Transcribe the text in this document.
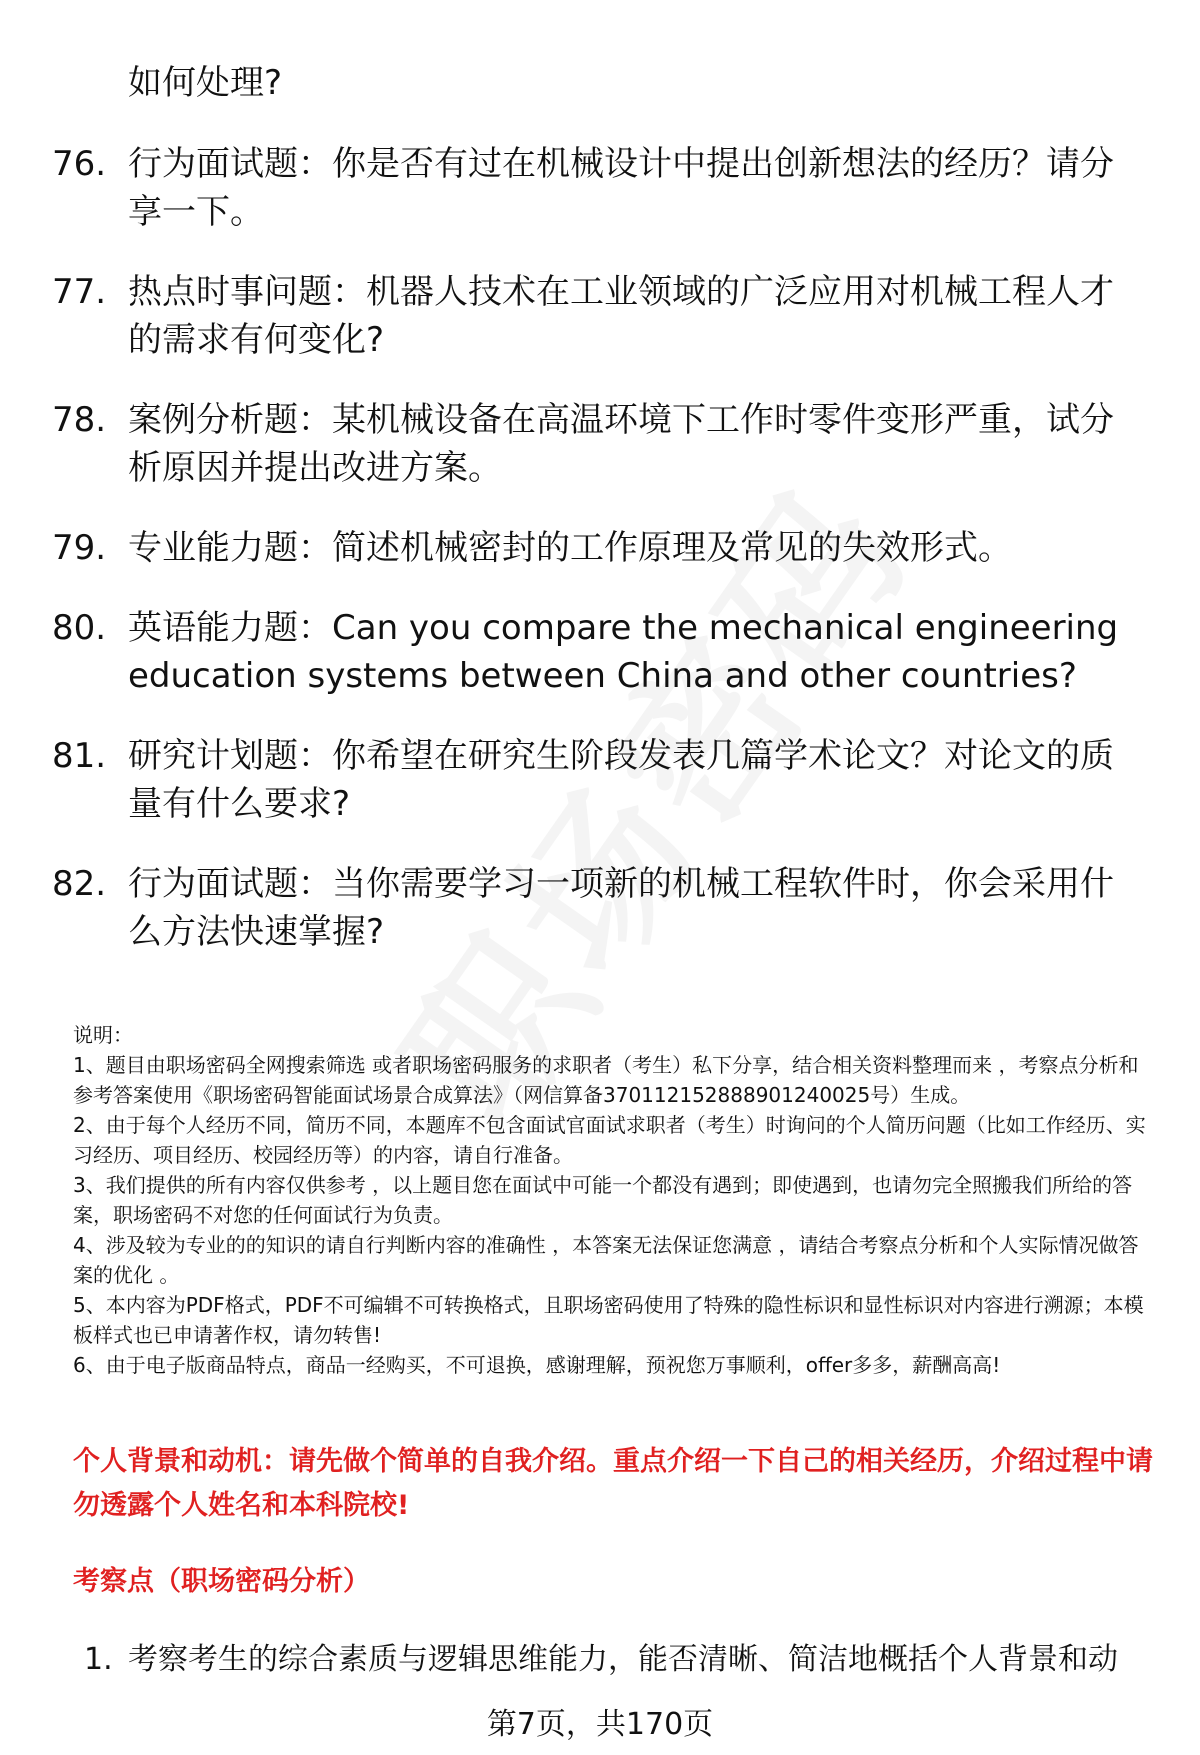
如何处理?

76. 行为面试题：你是否有过在机械设计中提出创新想法的经历？请分享一下。
77. 热点时事问题：机器人技术在工业领域的广泛应用对机械工程人才的需求有何变化?
78. 案例分析题：某机械设备在高温环境下工作时零件变形严重，试分析原因并提出改进方案。
79. 专业能力题：简述机械密封的工作原理及常见的失效形式。
80. 英语能力题：Can you compare the mechanical engineering education systems between China and other countries?
81. 研究计划题：你希望在研究生阶段发表几篇学术论文？对论文的质量有什么要求?
82. 行为面试题：当你需要学习一项新的机械工程软件时，你会采用什么方法快速掌握?

说明：

1、题目由职场密码全网搜索筛选 或者职场密码服务的求职者（考生）私下分享，结合相关资料整理而来 ，考察点分析和参考答案使用《职场密码智能面试场景合成算法》（网信算备370112152888901240025号）生成。

2、由于每个人经历不同，简历不同，本题库不包含面试官面试求职者（考生）时询问的个人简历问题（比如工作经历、实习经历、项目经历、校园经历等）的内容，请自行准备。

3、我们提供的所有内容仅供参考 ，以上题目您在面试中可能一个都没有遇到；即使遇到，也请勿完全照搬我们所给的答案，职场密码不对您的任何面试行为负责。

4、涉及较为专业的的知识的请自行判断内容的准确性 ，本答案无法保证您满意 ，请结合考察点分析和个人实际情况做答案的优化 。

5、本内容为PDF格式，PDF不可编辑不可转换格式，且职场密码使用了特殊的隐性标识和显性标识对内容进行溯源；本模板样式也已申请著作权，请勿转售!

6、由于电子版商品特点，商品一经购买，不可退换，感谢理解，预祝您万事顺利，offer多多，薪酬高高!

个人背景和动机：请先做个简单的自我介绍。重点介绍一下自己的相关经历，介绍过程中请勿透露个人姓名和本科院校!

考察点（职场密码分析）

1. 考察考生的综合素质与逻辑思维能力，能否清晰、简洁地概括个人背景和动
第7页，共170页
